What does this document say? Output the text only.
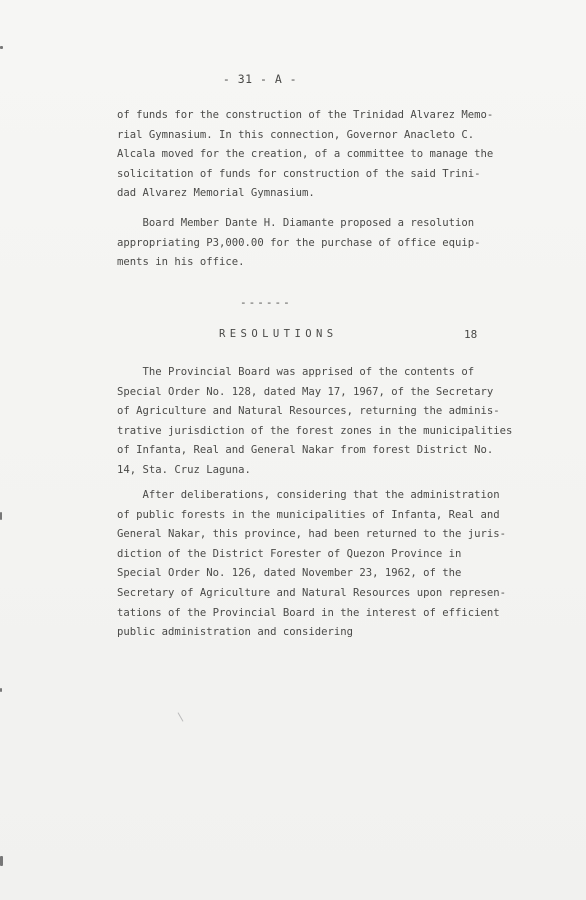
- 31 - A -
of funds for the construction of the Trinidad Alvarez Memo-
rial Gymnasium. In this connection, Governor Anacleto C.
Alcala moved for the creation, of a committee to manage the
solicitation of funds for construction of the said Trini-
dad Alvarez Memorial Gymnasium.
Board Member Dante H. Diamante proposed a resolution
appropriating P3,000.00 for the purchase of office equip-
ments in his office.
------
RESOLUTIONS	18
The Provincial Board was apprised of the contents of
Special Order No. 128, dated May 17, 1967, of the Secretary
of Agriculture and Natural Resources, returning the adminis-
trative jurisdiction of the forest zones in the municipalities
of Infanta, Real and General Nakar from forest District No.
14, Sta. Cruz Laguna.
After deliberations, considering that the administration
of public forests in the municipalities of Infanta, Real and
General Nakar, this province, had been returned to the juris-
diction of the District Forester of Quezon Province in
Special Order No. 126, dated November 23, 1962, of the
Secretary of Agriculture and Natural Resources upon represen-
tations of the Provincial Board in the interest of efficient
public administration and considering
